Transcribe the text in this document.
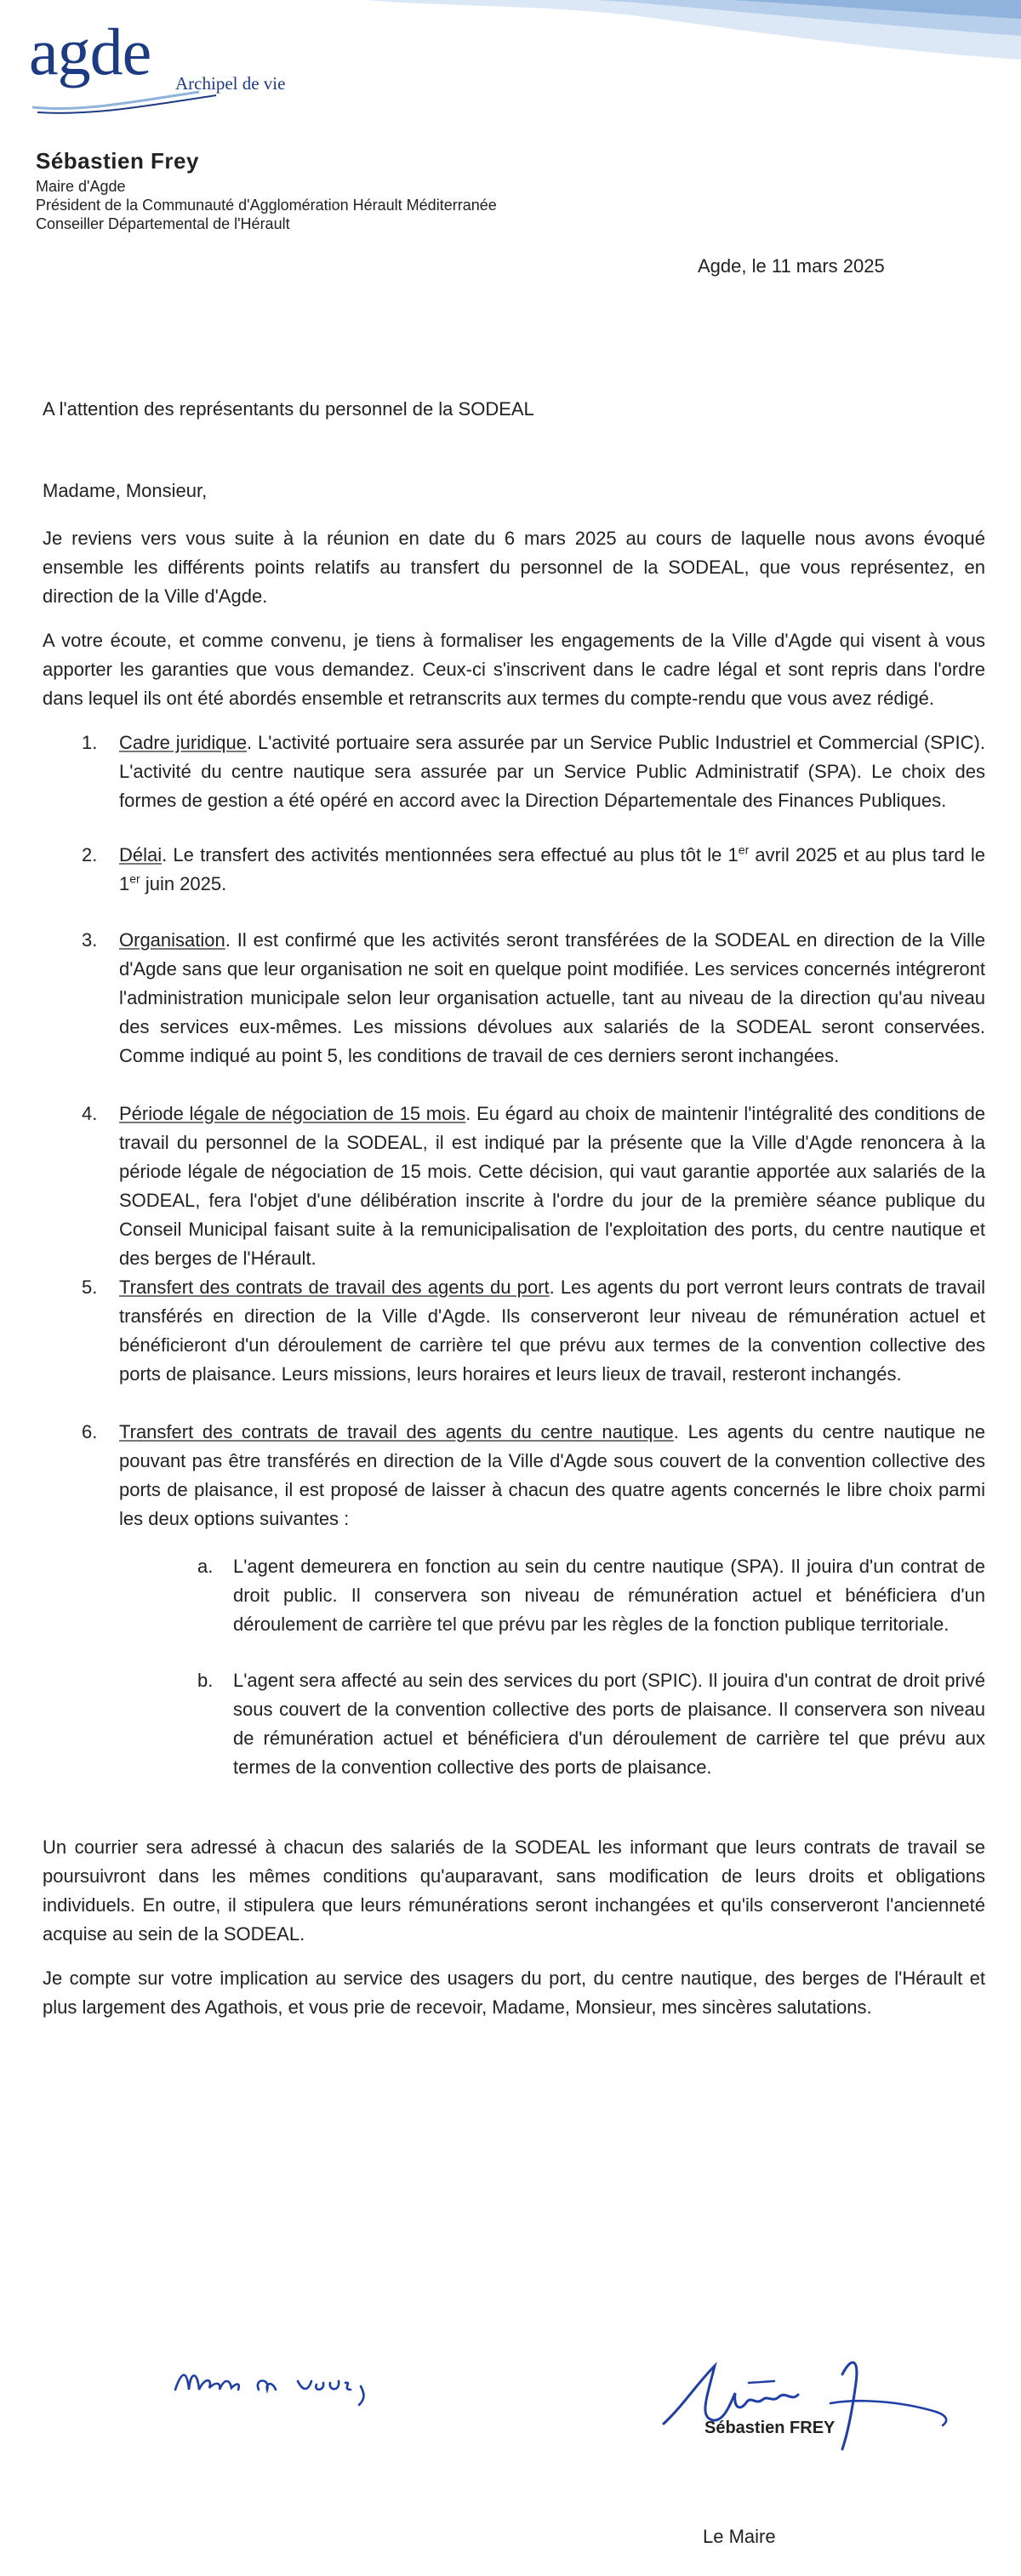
agde Archipel de vie
Sébastien Frey
Maire d'Agde
Président de la Communauté d'Agglomération Hérault Méditerranée
Conseiller Départemental de l'Hérault
Agde, le 11 mars 2025

A l'attention des représentants du personnel de la SODEAL

Madame, Monsieur,

Je reviens vers vous suite à la réunion en date du 6 mars 2025 au cours de laquelle nous avons évoqué ensemble les différents points relatifs au transfert du personnel de la SODEAL, que vous représentez, en direction de la Ville d'Agde.

A votre écoute, et comme convenu, je tiens à formaliser les engagements de la Ville d'Agde qui visent à vous apporter les garanties que vous demandez. Ceux-ci s'inscrivent dans le cadre légal et sont repris dans l'ordre dans lequel ils ont été abordés ensemble et retranscrits aux termes du compte-rendu que vous avez rédigé.

1. Cadre juridique. L'activité portuaire sera assurée par un Service Public Industriel et Commercial (SPIC). L'activité du centre nautique sera assurée par un Service Public Administratif (SPA). Le choix des formes de gestion a été opéré en accord avec la Direction Départementale des Finances Publiques.
2. Délai. Le transfert des activités mentionnées sera effectué au plus tôt le 1er avril 2025 et au plus tard le 1er juin 2025.
3. Organisation. Il est confirmé que les activités seront transférées de la SODEAL en direction de la Ville d'Agde sans que leur organisation ne soit en quelque point modifiée. Les services concernés intégreront l'administration municipale selon leur organisation actuelle, tant au niveau de la direction qu'au niveau des services eux-mêmes. Les missions dévolues aux salariés de la SODEAL seront conservées. Comme indiqué au point 5, les conditions de travail de ces derniers seront inchangées.
4. Période légale de négociation de 15 mois. Eu égard au choix de maintenir l'intégralité des conditions de travail du personnel de la SODEAL, il est indiqué par la présente que la Ville d'Agde renoncera à la période légale de négociation de 15 mois. Cette décision, qui vaut garantie apportée aux salariés de la SODEAL, fera l'objet d'une délibération inscrite à l'ordre du jour de la première séance publique du Conseil Municipal faisant suite à la remunicipalisation de l'exploitation des ports, du centre nautique et des berges de l'Hérault.
5. Transfert des contrats de travail des agents du port. Les agents du port verront leurs contrats de travail transférés en direction de la Ville d'Agde. Ils conserveront leur niveau de rémunération actuel et bénéficieront d'un déroulement de carrière tel que prévu aux termes de la convention collective des ports de plaisance. Leurs missions, leurs horaires et leurs lieux de travail, resteront inchangés.
6. Transfert des contrats de travail des agents du centre nautique. Les agents du centre nautique ne pouvant pas être transférés en direction de la Ville d'Agde sous couvert de la convention collective des ports de plaisance, il est proposé de laisser à chacun des quatre agents concernés le libre choix parmi les deux options suivantes :
a. L'agent demeurera en fonction au sein du centre nautique (SPA). Il jouira d'un contrat de droit public. Il conservera son niveau de rémunération actuel et bénéficiera d'un déroulement de carrière tel que prévu par les règles de la fonction publique territoriale.
b. L'agent sera affecté au sein des services du port (SPIC). Il jouira d'un contrat de droit privé sous couvert de la convention collective des ports de plaisance. Il conservera son niveau de rémunération actuel et bénéficiera d'un déroulement de carrière tel que prévu aux termes de la convention collective des ports de plaisance.

Un courrier sera adressé à chacun des salariés de la SODEAL les informant que leurs contrats de travail se poursuivront dans les mêmes conditions qu'auparavant, sans modification de leurs droits et obligations individuels. En outre, il stipulera que leurs rémunérations seront inchangées et qu'ils conserveront l'ancienneté acquise au sein de la SODEAL.

Je compte sur votre implication au service des usagers du port, du centre nautique, des berges de l'Hérault et plus largement des Agathois, et vous prie de recevoir, Madame, Monsieur, mes sincères salutations.

Sébastien FREY
Le Maire
